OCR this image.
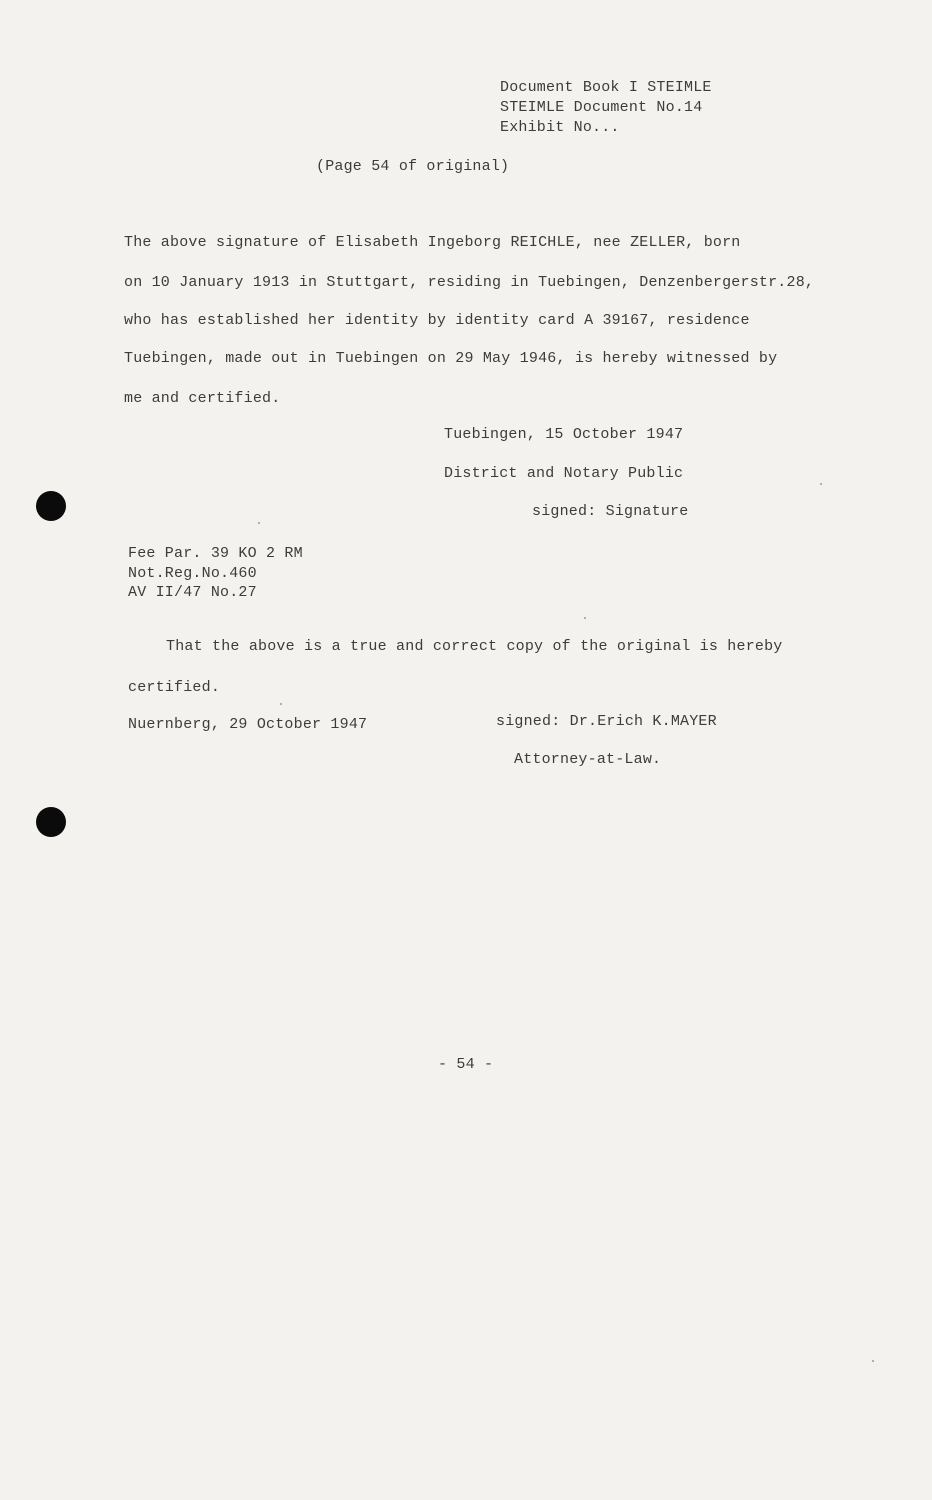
Document Book I STEIMLE
STEIMLE Document No.14
Exhibit No...
(Page 54 of original)
The above signature of Elisabeth Ingeborg REICHLE, nee ZELLER, born
on 10 January 1913 in Stuttgart, residing in Tuebingen, Denzenbergerstr.28,
who has established her identity by identity card A 39167, residence
Tuebingen, made out in Tuebingen on 29 May 1946, is hereby witnessed by
me and certified.
Tuebingen, 15 October 1947
District and Notary Public
signed: Signature
Fee Par. 39 KO 2 RM
Not.Reg.No.460
AV II/47 No.27
That the above is a true and correct copy of the original is hereby
certified.
Nuernberg, 29 October 1947	signed: Dr.Erich K.MAYER
Attorney-at-Law.
- 54 -
